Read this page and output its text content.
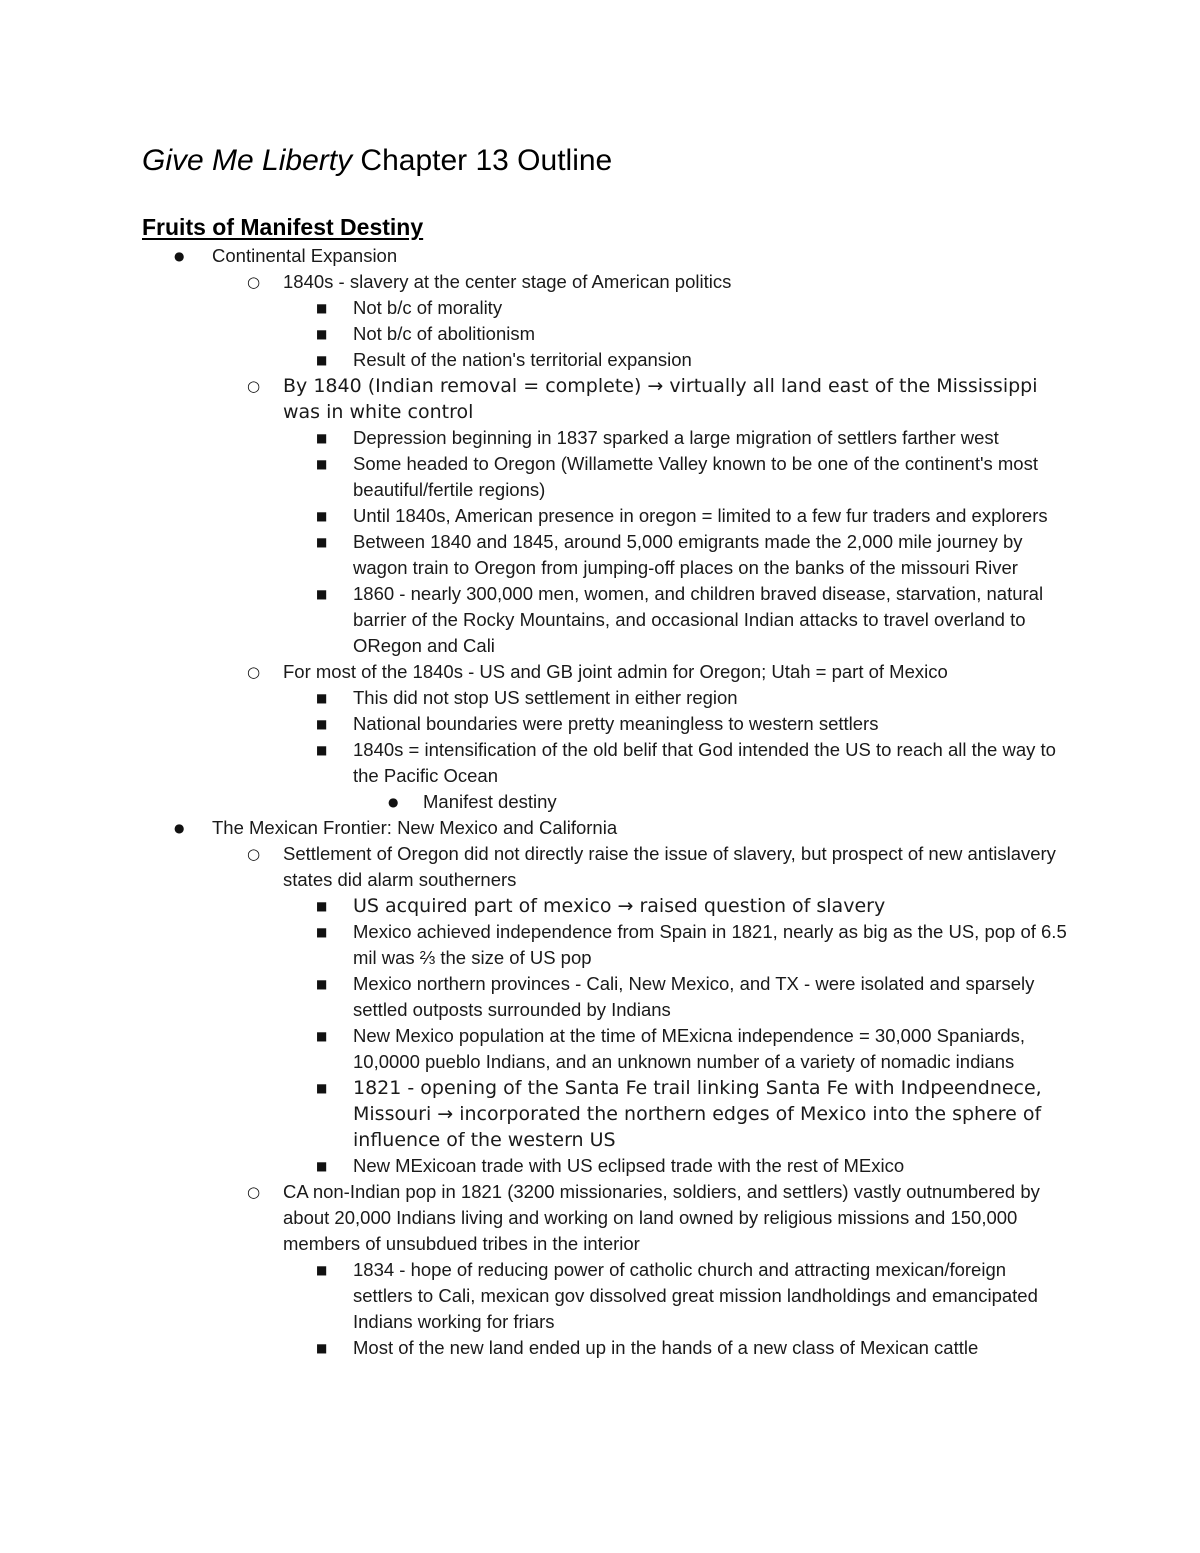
Give Me Liberty Chapter 13 Outline
Fruits of Manifest Destiny
● Continental Expansion
○ 1840s - slavery at the center stage of American politics
■ Not b/c of morality
■ Not b/c of abolitionism
■ Result of the nation's territorial expansion
○ By 1840 (Indian removal = complete) → virtually all land east of the Mississippi was in white control
■ Depression beginning in 1837 sparked a large migration of settlers farther west
■ Some headed to Oregon (Willamette Valley known to be one of the continent's most beautiful/fertile regions)
■ Until 1840s, American presence in oregon = limited to a few fur traders and explorers
■ Between 1840 and 1845, around 5,000 emigrants made the 2,000 mile journey by wagon train to Oregon from jumping-off places on the banks of the missouri River
■ 1860 - nearly 300,000 men, women, and children braved disease, starvation, natural barrier of the Rocky Mountains, and occasional Indian attacks to travel overland to ORegon and Cali
○ For most of the 1840s - US and GB joint admin for Oregon; Utah = part of Mexico
■ This did not stop US settlement in either region
■ National boundaries were pretty meaningless to western settlers
■ 1840s = intensification of the old belif that God intended the US to reach all the way to the Pacific Ocean
● Manifest destiny
● The Mexican Frontier: New Mexico and California
○ Settlement of Oregon did not directly raise the issue of slavery, but prospect of new antislavery states did alarm southerners
■ US acquired part of mexico → raised question of slavery
■ Mexico achieved independence from Spain in 1821, nearly as big as the US, pop of 6.5 mil was ⅔ the size of US pop
■ Mexico northern provinces - Cali, New Mexico, and TX - were isolated and sparsely settled outposts surrounded by Indians
■ New Mexico population at the time of MExicna independence = 30,000 Spaniards, 10,0000 pueblo Indians, and an unknown number of a variety of nomadic indians
■ 1821 - opening of the Santa Fe trail linking Santa Fe with Indpeendnece, Missouri → incorporated the northern edges of Mexico into the sphere of influence of the western US
■ New MExicoan trade with US eclipsed trade with the rest of MExico
○ CA non-Indian pop in 1821 (3200 missionaries, soldiers, and settlers) vastly outnumbered by about 20,000 Indians living and working on land owned by religious missions and 150,000 members of unsubdued tribes in the interior
■ 1834 - hope of reducing power of catholic church and attracting mexican/foreign settlers to Cali, mexican gov dissolved great mission landholdings and emancipated Indians working for friars
■ Most of the new land ended up in the hands of a new class of Mexican cattle
